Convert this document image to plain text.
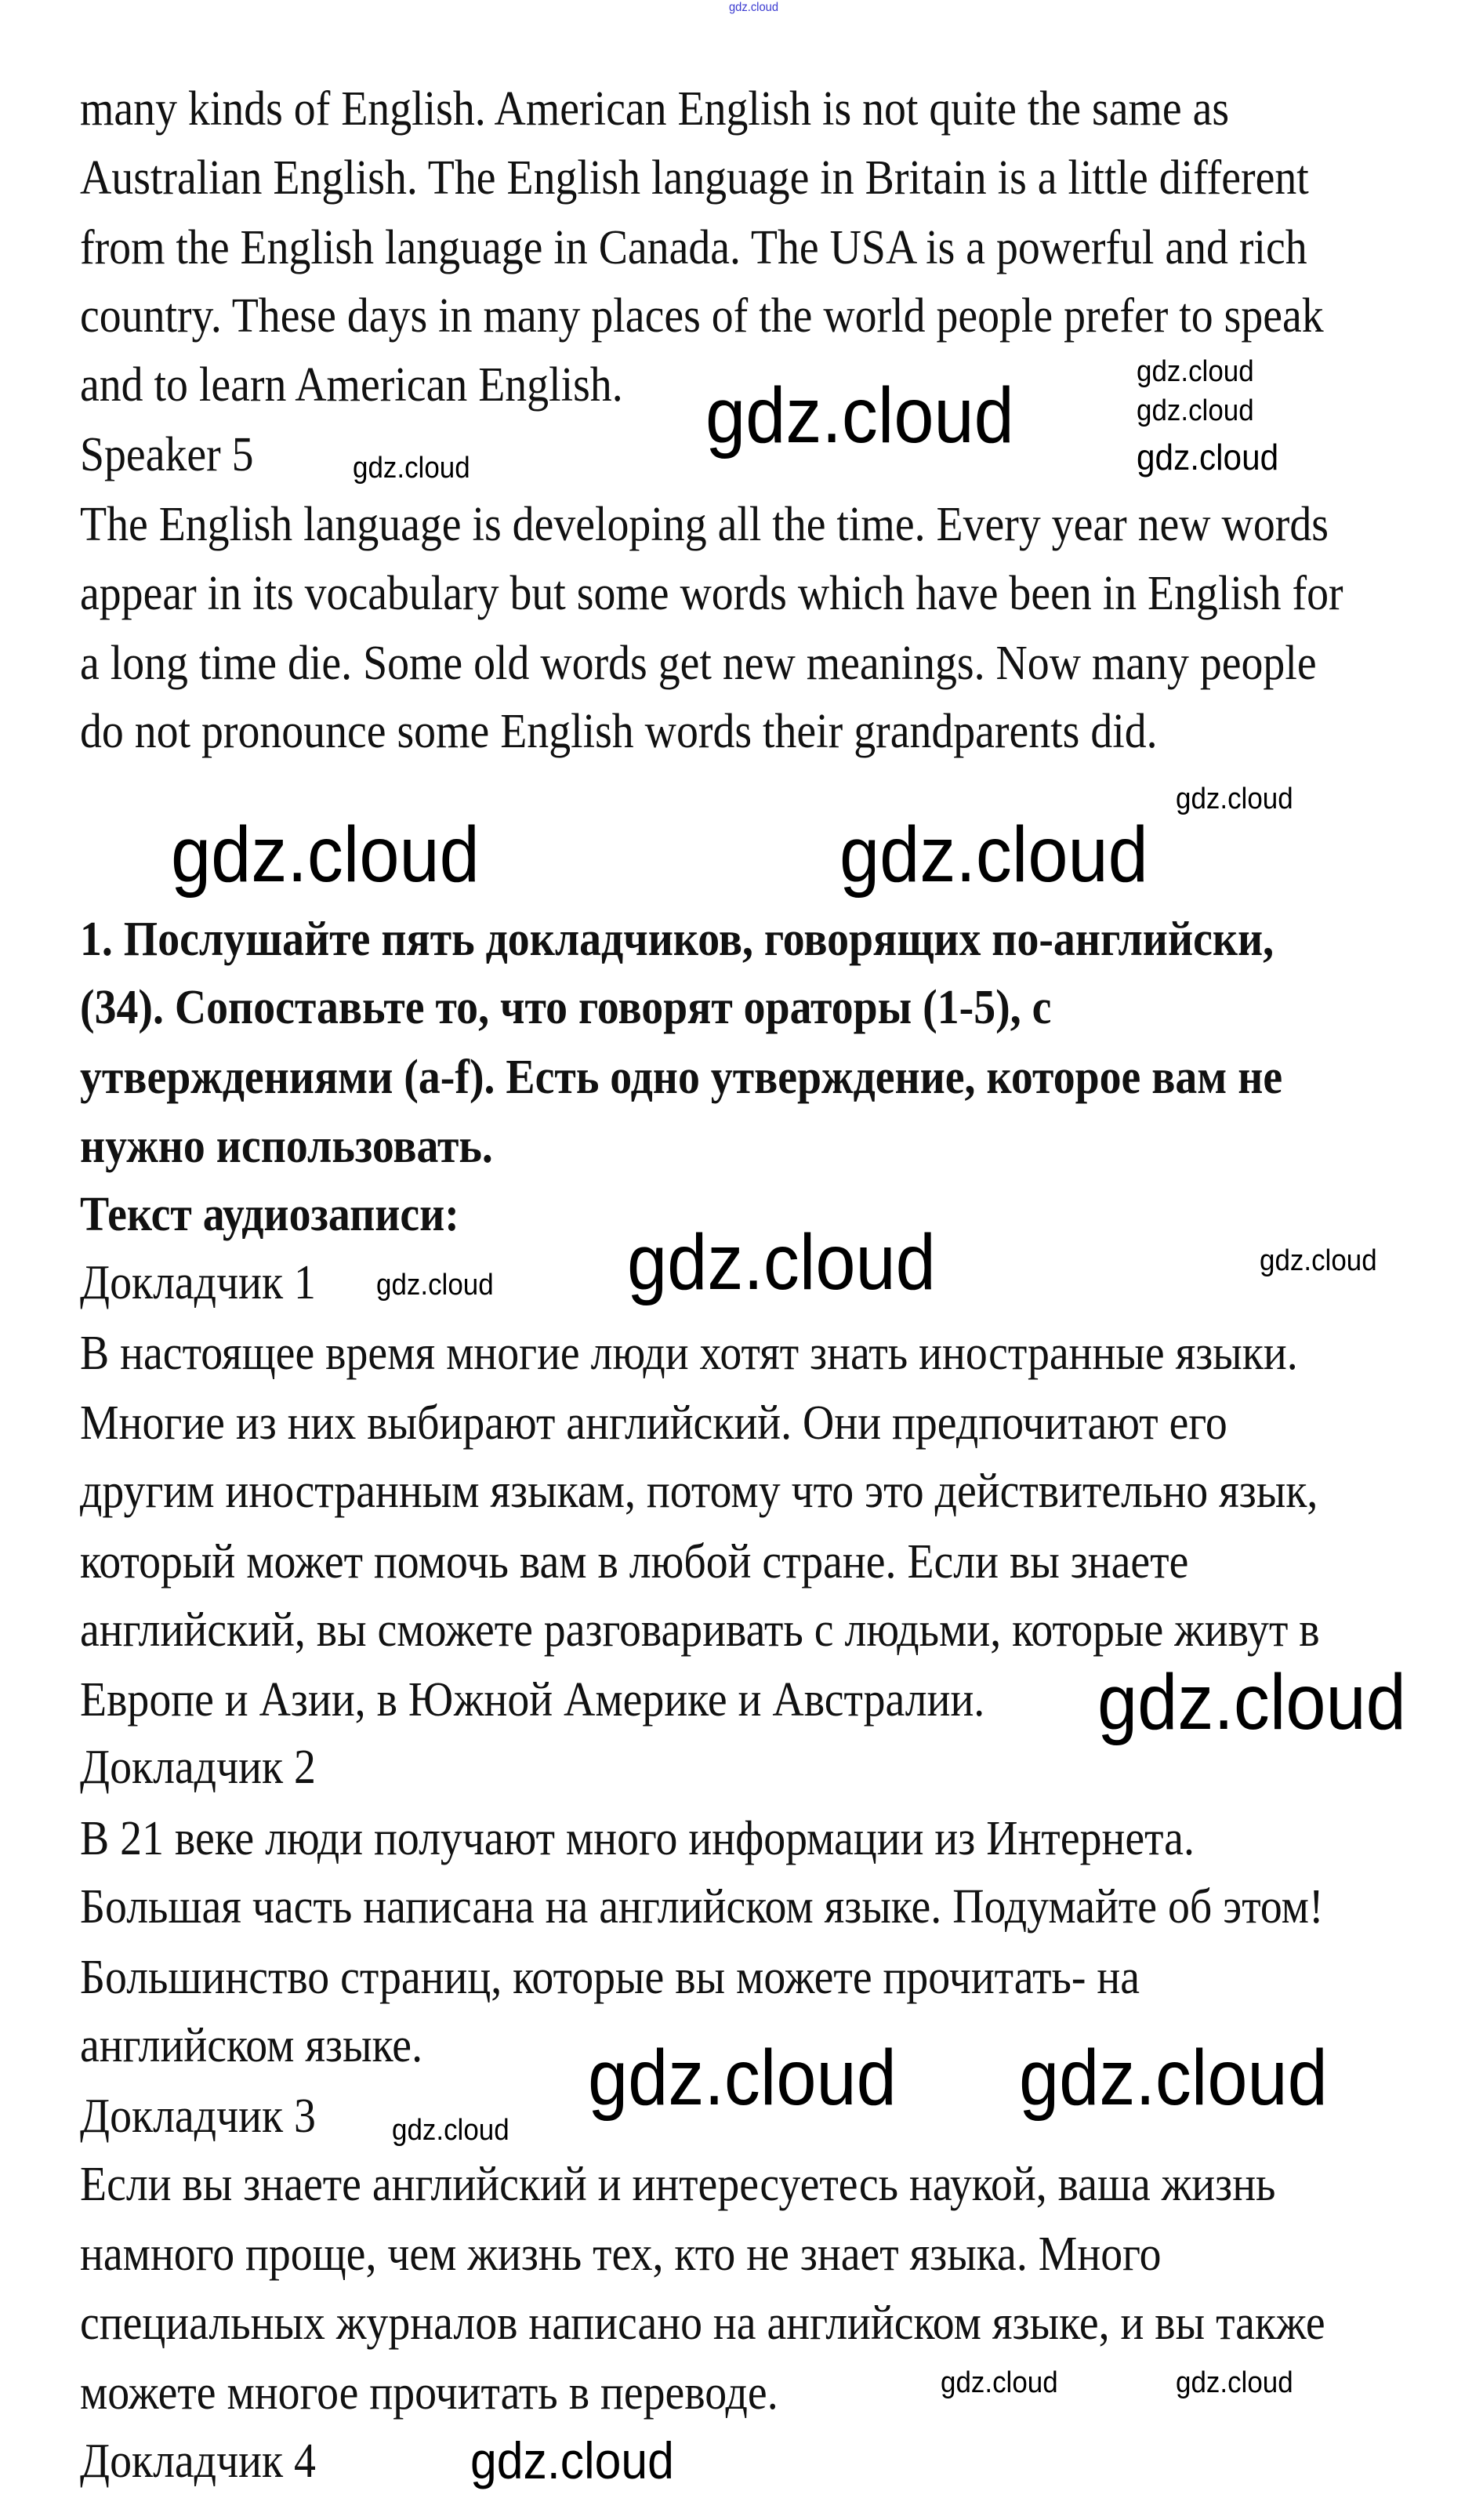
gdz.cloud
many kinds of English. American English is not quite the same as
Australian English. The English language in Britain is a little different
from the English language in Canada. The USA is a powerful and rich
country. These days in many places of the world people prefer to speak
and to learn American English.
Speaker 5
The English language is developing all the time. Every year new words
appear in its vocabulary but some words which have been in English for
a long time die. Some old words get new meanings. Now many people
do not pronounce some English words their grandparents did.
1. Послушайте пять докладчиков, говорящих по-английски,
(34). Сопоставьте то, что говорят ораторы (1-5), с
утверждениями (a-f). Есть одно утверждение, которое вам не
нужно использовать.
Текст аудиозаписи:
Докладчик 1
В настоящее время многие люди хотят знать иностранные языки.
Многие из них выбирают английский. Они предпочитают его
другим иностранным языкам, потому что это действительно язык,
который может помочь вам в любой стране. Если вы знаете
английский, вы сможете разговаривать с людьми, которые живут в
Европе и Азии, в Южной Америке и Австралии.
Докладчик 2
В 21 веке люди получают много информации из Интернета.
Большая часть написана на английском языке. Подумайте об этом!
Большинство страниц, которые вы можете прочитать- на
английском языке.
Докладчик 3
Если вы знаете английский и интересуетесь наукой, ваша жизнь
намного проще, чем жизнь тех, кто не знает языка. Много
специальных журналов написано на английском языке, и вы также
можете многое прочитать в переводе.
Докладчик 4
gdz.cloud
gdz.cloud
gdz.cloud
gdz.cloud	gdz.cloud
gdz.cloud	gdz.cloud
gdz.cloud	gdz.cloud
gdz.cloud
gdz.cloud
gdz.cloud gdz.cloud
gdz.cloud
gdz.cloud
gdz.cloud
gdz.cloud
gdz.cloud
